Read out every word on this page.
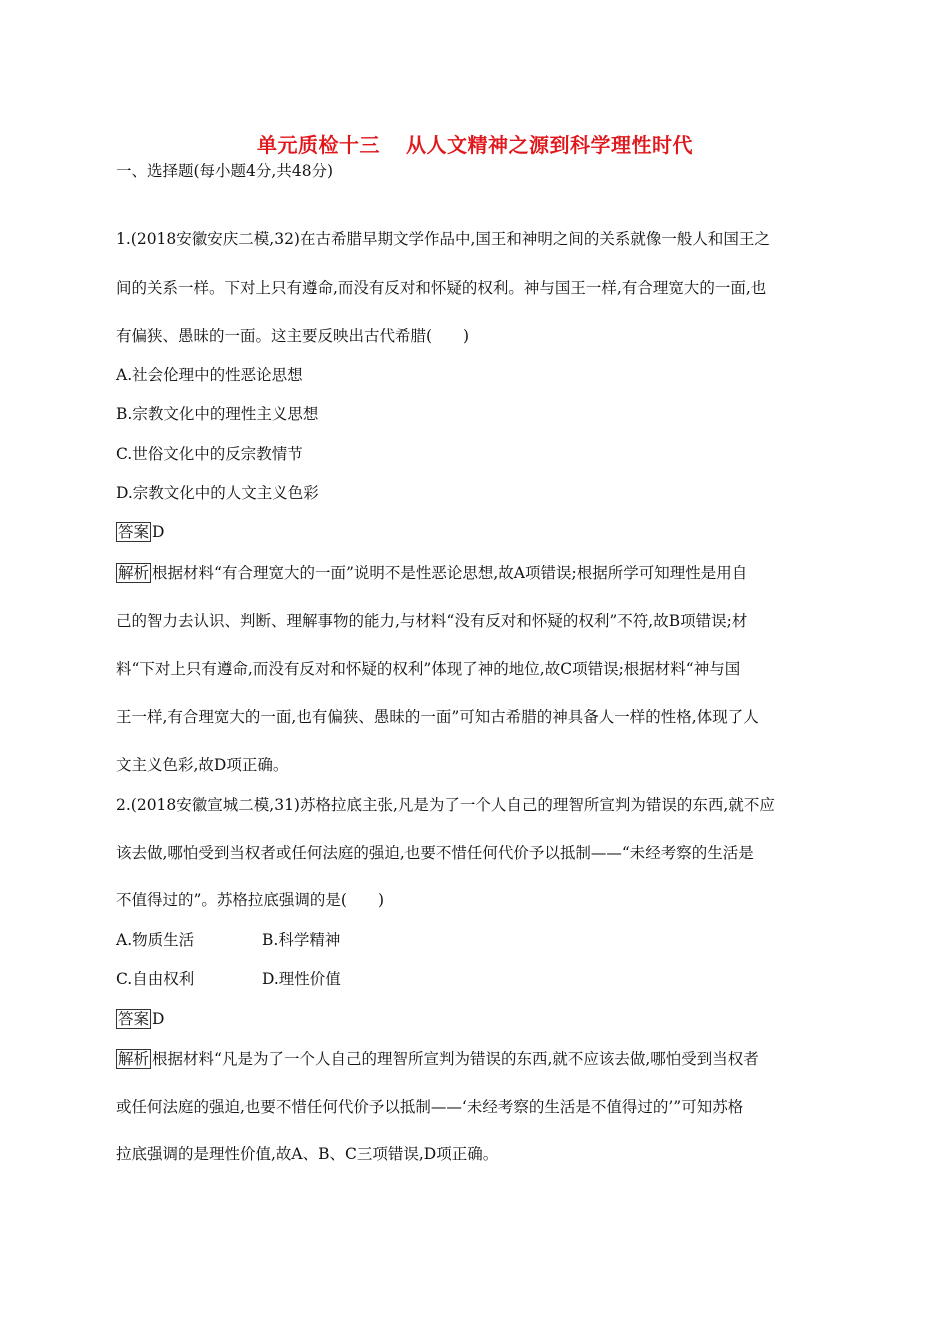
单元质检十三 从人文精神之源到科学理性时代
一、选择题(每小题4分,共48分)
1.(2018安徽安庆二模,32)在古希腊早期文学作品中,国王和神明之间的关系就像一般人和国王之
间的关系一样。下对上只有遵命,而没有反对和怀疑的权利。神与国王一样,有合理宽大的一面,也
有偏狭、愚昧的一面。这主要反映出古代希腊(　　)
A.社会伦理中的性恶论思想
B.宗教文化中的理性主义思想
C.世俗文化中的反宗教情节
D.宗教文化中的人文主义色彩
答案 D
解析 根据材料“有合理宽大的一面”说明不是性恶论思想,故A项错误;根据所学可知理性是用自
己的智力去认识、判断、理解事物的能力,与材料“没有反对和怀疑的权利”不符,故B项错误;材
料“下对上只有遵命,而没有反对和怀疑的权利”体现了神的地位,故C项错误;根据材料“神与国
王一样,有合理宽大的一面,也有偏狭、愚昧的一面”可知古希腊的神具备人一样的性格,体现了人
文主义色彩,故D项正确。
2.(2018安徽宣城二模,31)苏格拉底主张,凡是为了一个人自己的理智所宣判为错误的东西,就不应
该去做,哪怕受到当权者或任何法庭的强迫,也要不惜任何代价予以抵制——“未经考察的生活是
不值得过的”。苏格拉底强调的是(　　)
A.物质生活	B.科学精神
C.自由权利	D.理性价值
答案 D
解析 根据材料“凡是为了一个人自己的理智所宣判为错误的东西,就不应该去做,哪怕受到当权者
或任何法庭的强迫,也要不惜任何代价予以抵制——‘未经考察的生活是不值得过的’”可知苏格
拉底强调的是理性价值,故A、B、C三项错误,D项正确。
